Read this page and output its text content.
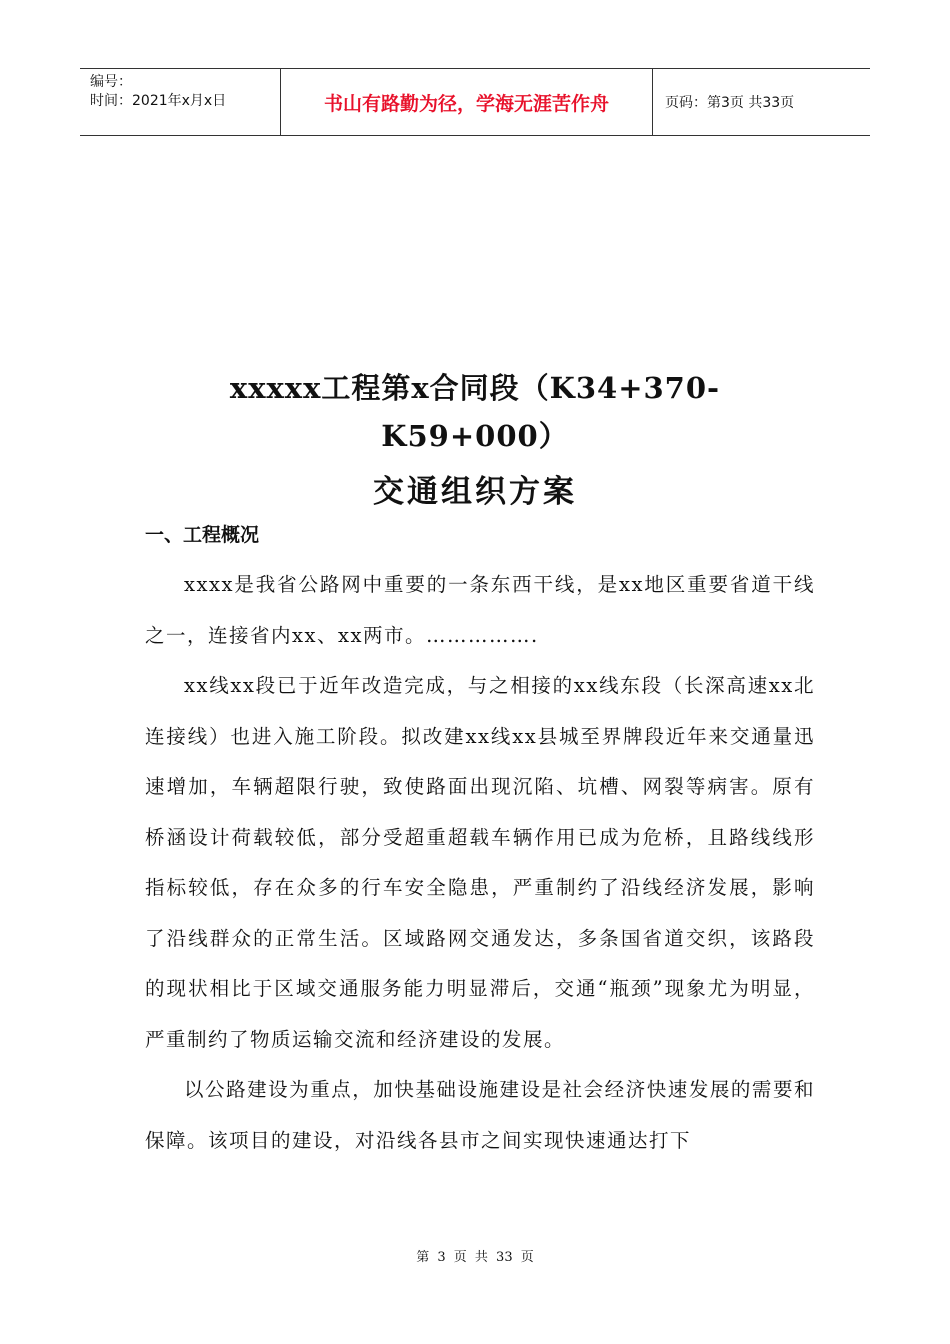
编号：
时间：2021年x月x日	书山有路勤为径，学海无涯苦作舟	页码：第3页 共33页
xxxxx工程第x合同段（K34+370-
K59+000）
交通组织方案
一、工程概况

xxxx是我省公路网中重要的一条东西干线，是xx地区重要省道干线之一，连接省内xx、xx两市。…………….

xx线xx段已于近年改造完成，与之相接的xx线东段（长深高速xx北连接线）也进入施工阶段。拟改建xx线xx县城至界牌段近年来交通量迅速增加，车辆超限行驶，致使路面出现沉陷、坑槽、网裂等病害。原有桥涵设计荷载较低，部分受超重超载车辆作用已成为危桥，且路线线形指标较低，存在众多的行车安全隐患，严重制约了沿线经济发展，影响了沿线群众的正常生活。区域路网交通发达，多条国省道交织，该路段的现状相比于区域交通服务能力明显滞后，交通“瓶颈”现象尤为明显，严重制约了物质运输交流和经济建设的发展。

以公路建设为重点，加快基础设施建设是社会经济快速发展的需要和保障。该项目的建设，对沿线各县市之间实现快速通达打下

第 3 页 共 33 页
